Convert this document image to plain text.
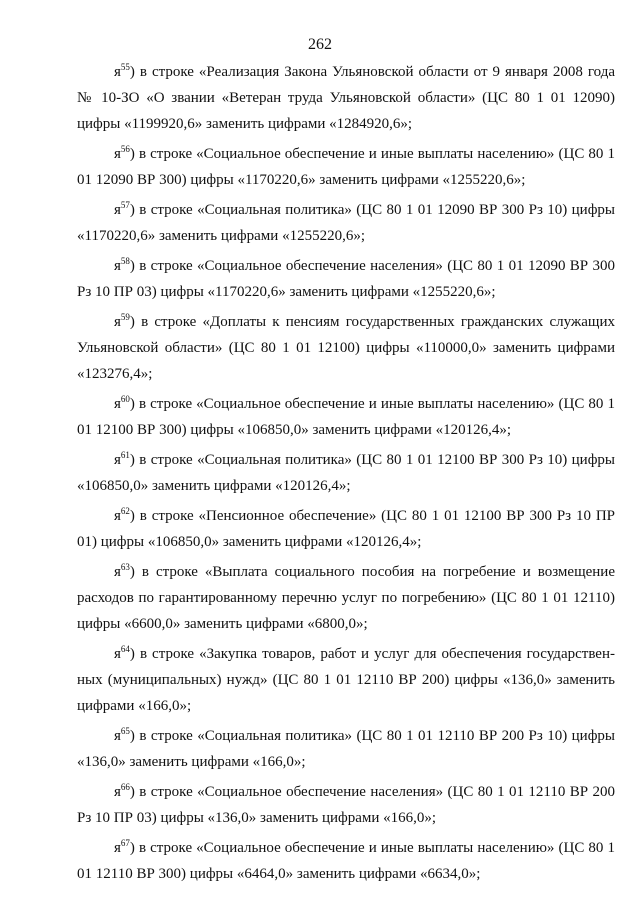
262

$я^{55}$) в строке «Реализация Закона Ульяновской области от 9 января 2008 года № 10-ЗО «О звании «Ветеран труда Ульяновской области» (ЦС 80 1 01 12090) цифры «1199920,6» заменить цифрами «1284920,6»;

$я^{56}$) в строке «Социальное обеспечение и иные выплаты населению» (ЦС 80 1 01 12090 ВР 300) цифры «1170220,6» заменить цифрами «1255220,6»;

$я^{57}$) в строке «Социальная политика» (ЦС 80 1 01 12090 ВР 300 Рз 10) цифры «1170220,6» заменить цифрами «1255220,6»;

$я^{58}$) в строке «Социальное обеспечение населения» (ЦС 80 1 01 12090 ВР 300 Рз 10 ПР 03) цифры «1170220,6» заменить цифрами «1255220,6»;

$я^{59}$) в строке «Доплаты к пенсиям государственных гражданских служащих Ульяновской области» (ЦС 80 1 01 12100) цифры «110000,0» заменить цифрами «123276,4»;

$я^{60}$) в строке «Социальное обеспечение и иные выплаты населению» (ЦС 80 1 01 12100 ВР 300) цифры «106850,0» заменить цифрами «120126,4»;

$я^{61}$) в строке «Социальная политика» (ЦС 80 1 01 12100 ВР 300 Рз 10) цифры «106850,0» заменить цифрами «120126,4»;

$я^{62}$) в строке «Пенсионное обеспечение» (ЦС 80 1 01 12100 ВР 300 Рз 10 ПР 01) цифры «106850,0» заменить цифрами «120126,4»;

$я^{63}$) в строке «Выплата социального пособия на погребение и возмещение расходов по гарантированному перечню услуг по погребению» (ЦС 80 1 01 12110) цифры «6600,0» заменить цифрами «6800,0»;

$я^{64}$) в строке «Закупка товаров, работ и услуг для обеспечения государственных (муниципальных) нужд» (ЦС 80 1 01 12110 ВР 200) цифры «136,0» заменить цифрами «166,0»;

$я^{65}$) в строке «Социальная политика» (ЦС 80 1 01 12110 ВР 200 Рз 10) цифры «136,0» заменить цифрами «166,0»;

$я^{66}$) в строке «Социальное обеспечение населения» (ЦС 80 1 01 12110 ВР 200 Рз 10 ПР 03) цифры «136,0» заменить цифрами «166,0»;

$я^{67}$) в строке «Социальное обеспечение и иные выплаты населению» (ЦС 80 1 01 12110 ВР 300) цифры «6464,0» заменить цифрами «6634,0»;
